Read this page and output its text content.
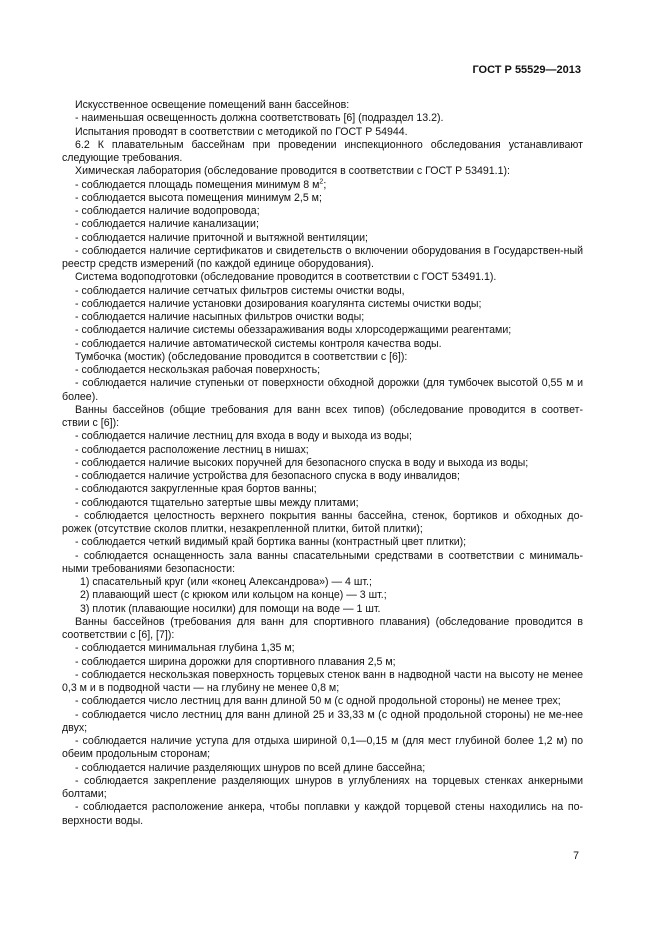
ГОСТ Р 55529—2013

Искусственное освещение помещений ванн бассейнов:

- наименьшая освещенность должна соответствовать [6] (подраздел 13.2).

Испытания проводят в соответствии с методикой по ГОСТ Р 54944.

6.2 К плавательным бассейнам при проведении инспекционного обследования устанавливают следующие требования.

Химическая лаборатория (обследование проводится в соответствии с ГОСТ Р 53491.1):

- соблюдается площадь помещения минимум 8 $м^2$;

- соблюдается высота помещения минимум 2,5 м;

- соблюдается наличие водопровода;

- соблюдается наличие канализации;

- соблюдается наличие приточной и вытяжной вентиляции;

- соблюдается наличие сертификатов и свидетельств о включении оборудования в Государствен-ный реестр средств измерений (по каждой единице оборудования).

Система водоподготовки (обследование проводится в соответствии с ГОСТ 53491.1).

- соблюдается наличие сетчатых фильтров системы очистки воды,

- соблюдается наличие установки дозирования коагулянта системы очистки воды;

- соблюдается наличие насыпных фильтров очистки воды;

- соблюдается наличие системы обеззараживания воды хлорсодержащими реагентами;

- соблюдается наличие автоматической системы контроля качества воды.

Тумбочка (мостик) (обследование проводится в соответствии с [6]):

- соблюдается нескользкая рабочая поверхность;

- соблюдается наличие ступеньки от поверхности обходной дорожки (для тумбочек высотой 0,55 м и более).

Ванны бассейнов (общие требования для ванн всех типов) (обследование проводится в соответ-ствии с [6]):

- соблюдается наличие лестниц для входа в воду и выхода из воды;

- соблюдается расположение лестниц в нишах;

- соблюдается наличие высоких поручней для безопасного спуска в воду и выхода из воды;

- соблюдается наличие устройства для безопасного спуска в воду инвалидов;

- соблюдаются закругленные края бортов ванны;

- соблюдаются тщательно затертые швы между плитами;

- соблюдается целостность верхнего покрытия ванны бассейна, стенок, бортиков и обходных до-рожек (отсутствие сколов плитки, незакрепленной плитки, битой плитки);

- соблюдается четкий видимый край бортика ванны (контрастный цвет плитки);

- соблюдается оснащенность зала ванны спасательными средствами в соответствии с минималь-ными требованиями безопасности:

1) спасательный круг (или «конец Александрова») — 4 шт.;

2) плавающий шест (с крюком или кольцом на конце) — 3 шт.;

3) плотик (плавающие носилки) для помощи на воде — 1 шт.

Ванны бассейнов (требования для ванн для спортивного плавания) (обследование проводится в соответствии с [6], [7]):

- соблюдается минимальная глубина 1,35 м;

- соблюдается ширина дорожки для спортивного плавания 2,5 м;

- соблюдается нескользкая поверхность торцевых стенок ванн в надводной части на высоту не менее 0,3 м и в подводной части — на глубину не менее 0,8 м;

- соблюдается число лестниц для ванн длиной 50 м (с одной продольной стороны) не менее трех;

- соблюдается число лестниц для ванн длиной 25 и 33,33 м (с одной продольной стороны) не ме-нее двух;

- соблюдается наличие уступа для отдыха шириной 0,1—0,15 м (для мест глубиной более 1,2 м) по обеим продольным сторонам;

- соблюдается наличие разделяющих шнуров по всей длине бассейна;

- соблюдается закрепление разделяющих шнуров в углублениях на торцевых стенках анкерными болтами;

- соблюдается расположение анкера, чтобы поплавки у каждой торцевой стены находились на по-верхности воды.

7
